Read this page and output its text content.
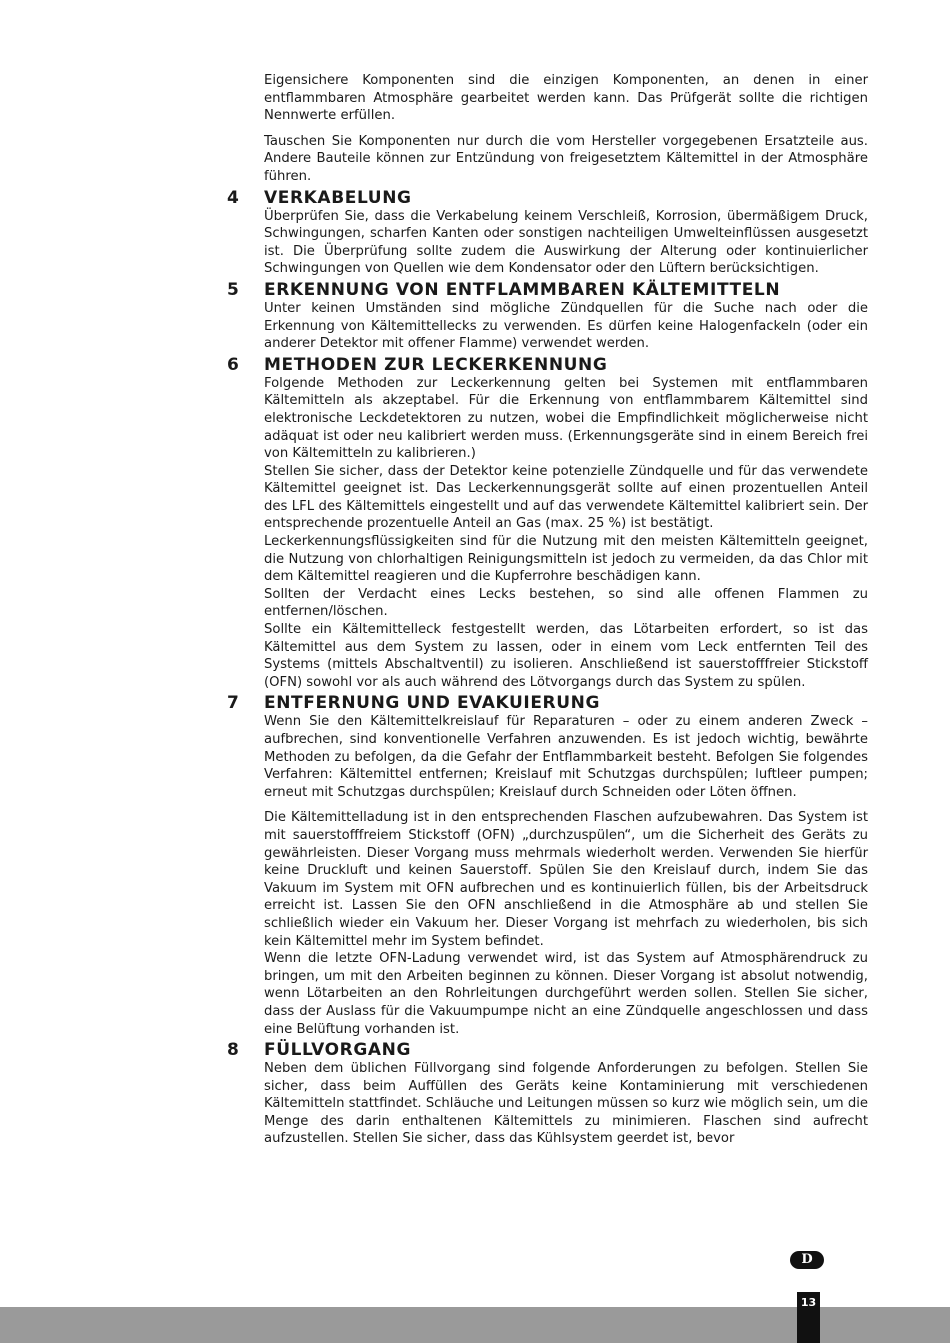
Eigensichere Komponenten sind die einzigen Komponenten, an denen in einer entflammbaren Atmosphäre gearbeitet werden kann. Das Prüfgerät sollte die richtigen Nennwerte erfüllen.

Tauschen Sie Komponenten nur durch die vom Hersteller vorgegebenen Ersatzteile aus. Andere Bauteile können zur Entzündung von freigesetztem Kältemittel in der Atmosphäre führen.

4 VERKABELUNG

Überprüfen Sie, dass die Verkabelung keinem Verschleiß, Korrosion, übermäßigem Druck, Schwingungen, scharfen Kanten oder sonstigen nachteiligen Umwelteinflüssen ausgesetzt ist. Die Überprüfung sollte zudem die Auswirkung der Alterung oder kontinuierlicher Schwingungen von Quellen wie dem Kondensator oder den Lüftern berücksichtigen.

5 ERKENNUNG VON ENTFLAMMBAREN KÄLTEMITTELN

Unter keinen Umständen sind mögliche Zündquellen für die Suche nach oder die Erkennung von Kältemittellecks zu verwenden. Es dürfen keine Halogenfackeln (oder ein anderer Detektor mit offener Flamme) verwendet werden.

6 METHODEN ZUR LECKERKENNUNG

Folgende Methoden zur Leckerkennung gelten bei Systemen mit entflammbaren Kältemitteln als akzeptabel. Für die Erkennung von entflammbarem Kältemittel sind elektronische Leckdetektoren zu nutzen, wobei die Empfindlichkeit möglicherweise nicht adäquat ist oder neu kalibriert werden muss. (Erkennungsgeräte sind in einem Bereich frei von Kältemitteln zu kalibrieren.)

Stellen Sie sicher, dass der Detektor keine potenzielle Zündquelle und für das verwendete Kältemittel geeignet ist. Das Leckerkennungsgerät sollte auf einen prozentuellen Anteil des LFL des Kältemittels eingestellt und auf das verwendete Kältemittel kalibriert sein. Der entsprechende prozentuelle Anteil an Gas (max. 25 %) ist bestätigt.

Leckerkennungsflüssigkeiten sind für die Nutzung mit den meisten Kältemitteln geeignet, die Nutzung von chlorhaltigen Reinigungsmitteln ist jedoch zu vermeiden, da das Chlor mit dem Kältemittel reagieren und die Kupferrohre beschädigen kann.

Sollten der Verdacht eines Lecks bestehen, so sind alle offenen Flammen zu entfernen/löschen.

Sollte ein Kältemittelleck festgestellt werden, das Lötarbeiten erfordert, so ist das Kältemittel aus dem System zu lassen, oder in einem vom Leck entfernten Teil des Systems (mittels Abschaltventil) zu isolieren. Anschließend ist sauerstofffreier Stickstoff (OFN) sowohl vor als auch während des Lötvorgangs durch das System zu spülen.

7 ENTFERNUNG UND EVAKUIERUNG

Wenn Sie den Kältemittelkreislauf für Reparaturen – oder zu einem anderen Zweck – aufbrechen, sind konventionelle Verfahren anzuwenden. Es ist jedoch wichtig, bewährte Methoden zu befolgen, da die Gefahr der Entflammbarkeit besteht. Befolgen Sie folgendes Verfahren: Kältemittel entfernen; Kreislauf mit Schutzgas durchspülen; luftleer pumpen; erneut mit Schutzgas durchspülen; Kreislauf durch Schneiden oder Löten öffnen.

Die Kältemittelladung ist in den entsprechenden Flaschen aufzubewahren. Das System ist mit sauerstofffreiem Stickstoff (OFN) „durchzuspülen“, um die Sicherheit des Geräts zu gewährleisten. Dieser Vorgang muss mehrmals wiederholt werden. Verwenden Sie hierfür keine Druckluft und keinen Sauerstoff. Spülen Sie den Kreislauf durch, indem Sie das Vakuum im System mit OFN aufbrechen und es kontinuierlich füllen, bis der Arbeitsdruck erreicht ist. Lassen Sie den OFN anschließend in die Atmosphäre ab und stellen Sie schließlich wieder ein Vakuum her. Dieser Vorgang ist mehrfach zu wiederholen, bis sich kein Kältemittel mehr im System befindet.

Wenn die letzte OFN-Ladung verwendet wird, ist das System auf Atmosphärendruck zu bringen, um mit den Arbeiten beginnen zu können. Dieser Vorgang ist absolut notwendig, wenn Lötarbeiten an den Rohrleitungen durchgeführt werden sollen. Stellen Sie sicher, dass der Auslass für die Vakuumpumpe nicht an eine Zündquelle angeschlossen und dass eine Belüftung vorhanden ist.

8 FÜLLVORGANG

Neben dem üblichen Füllvorgang sind folgende Anforderungen zu befolgen. Stellen Sie sicher, dass beim Auffüllen des Geräts keine Kontaminierung mit verschiedenen Kältemitteln stattfindet. Schläuche und Leitungen müssen so kurz wie möglich sein, um die Menge des darin enthaltenen Kältemittels zu minimieren. Flaschen sind aufrecht aufzustellen. Stellen Sie sicher, dass das Kühlsystem geerdet ist, bevor

D
13
